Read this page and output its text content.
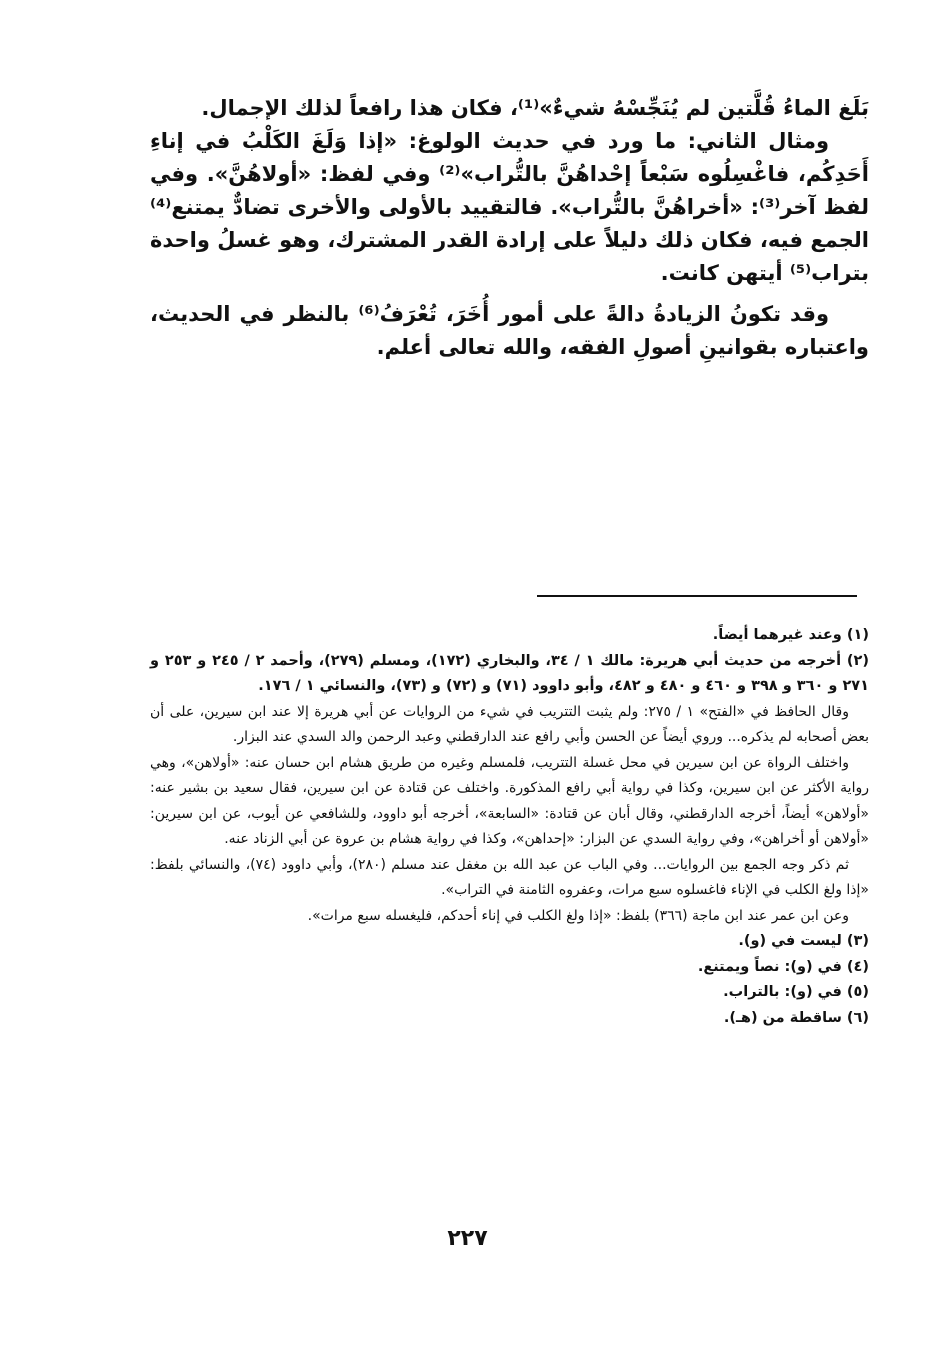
بَلَغ الماءُ قُلَّتين لم يُنَجِّسْهُ شيءٌ»⁽¹⁾، فكان هذا رافعاً لذلك الإجمال.

ومثال الثاني: ما ورد في حديث الولوغ: «إذا وَلَغَ الكَلْبُ في إناءِ أَحَدِكُم، فاغْسِلُوه سَبْعاً إحْداهُنَّ بالتُّراب»⁽²⁾ وفي لفظ: «أولاهُنَّ». وفي لفظ آخر⁽³⁾: «أخراهُنَّ بالتُّراب». فالتقييد بالأولى والأخرى تضادٌّ يمتنع⁽⁴⁾ الجمع فيه، فكان ذلك دليلاً على إرادة القدر المشترك، وهو غسلُ واحدة بتراب⁽⁵⁾ أيتهن كانت.

وقد تكونُ الزيادةُ دالةً على أمور أُخَرَ، تُعْرَفُ⁽⁶⁾ بالنظر في الحديث، واعتباره بقوانينِ أصولِ الفقه، والله تعالى أعلم.

(١) وعند غيرهما أيضاً.

(٢) أخرجه من حديث أبي هريرة: مالك ١ / ٣٤، والبخاري (١٧٢)، ومسلم (٢٧٩)، وأحمد ٢ / ٢٤٥ و ٢٥٣ و ٢٧١ و ٣٦٠ و ٣٩٨ و ٤٦٠ و ٤٨٠ و ٤٨٢، وأبو داوود (٧١) و (٧٢) و (٧٣)، والنسائي ١ / ١٧٦.

وقال الحافظ في «الفتح» ١ / ٢٧٥: ولم يثبت التتريب في شيء من الروايات عن أبي هريرة إلا عند ابن سيرين، على أن بعض أصحابه لم يذكره... وروي أيضاً عن الحسن وأبي رافع عند الدارقطني وعبد الرحمن والد السدي عند البزار.

واختلف الرواة عن ابن سيرين في محل غسلة التتريب، فلمسلم وغيره من طريق هشام ابن حسان عنه: «أولاهن»، وهي رواية الأكثر عن ابن سيرين، وكذا في رواية أبي رافع المذكورة. واختلف عن قتادة عن ابن سيرين، فقال سعيد بن بشير عنه: «أولاهن» أيضاً، أخرجه الدارقطني، وقال أبان عن قتادة: «السابعة»، أخرجه أبو داوود، وللشافعي عن أيوب، عن ابن سيرين: «أولاهن أو أخراهن»، وفي رواية السدي عن البزار: «إحداهن»، وكذا في رواية هشام بن عروة عن أبي الزناد عنه.

ثم ذكر وجه الجمع بين الروايات... وفي الباب عن عبد الله بن مغفل عند مسلم (٢٨٠)، وأبي داوود (٧٤)، والنسائي بلفظ: «إذا ولغ الكلب في الإناء فاغسلوه سبع مرات، وعفروه الثامنة في التراب».

وعن ابن عمر عند ابن ماجة (٣٦٦) بلفظ: «إذا ولغ الكلب في إناء أحدكم، فليغسله سبع مرات».

(٣) ليست في (و).

(٤) في (و): نصاً ويمتنع.

(٥) في (و): بالتراب.

(٦) ساقطة من (هـ).

٢٢٧
